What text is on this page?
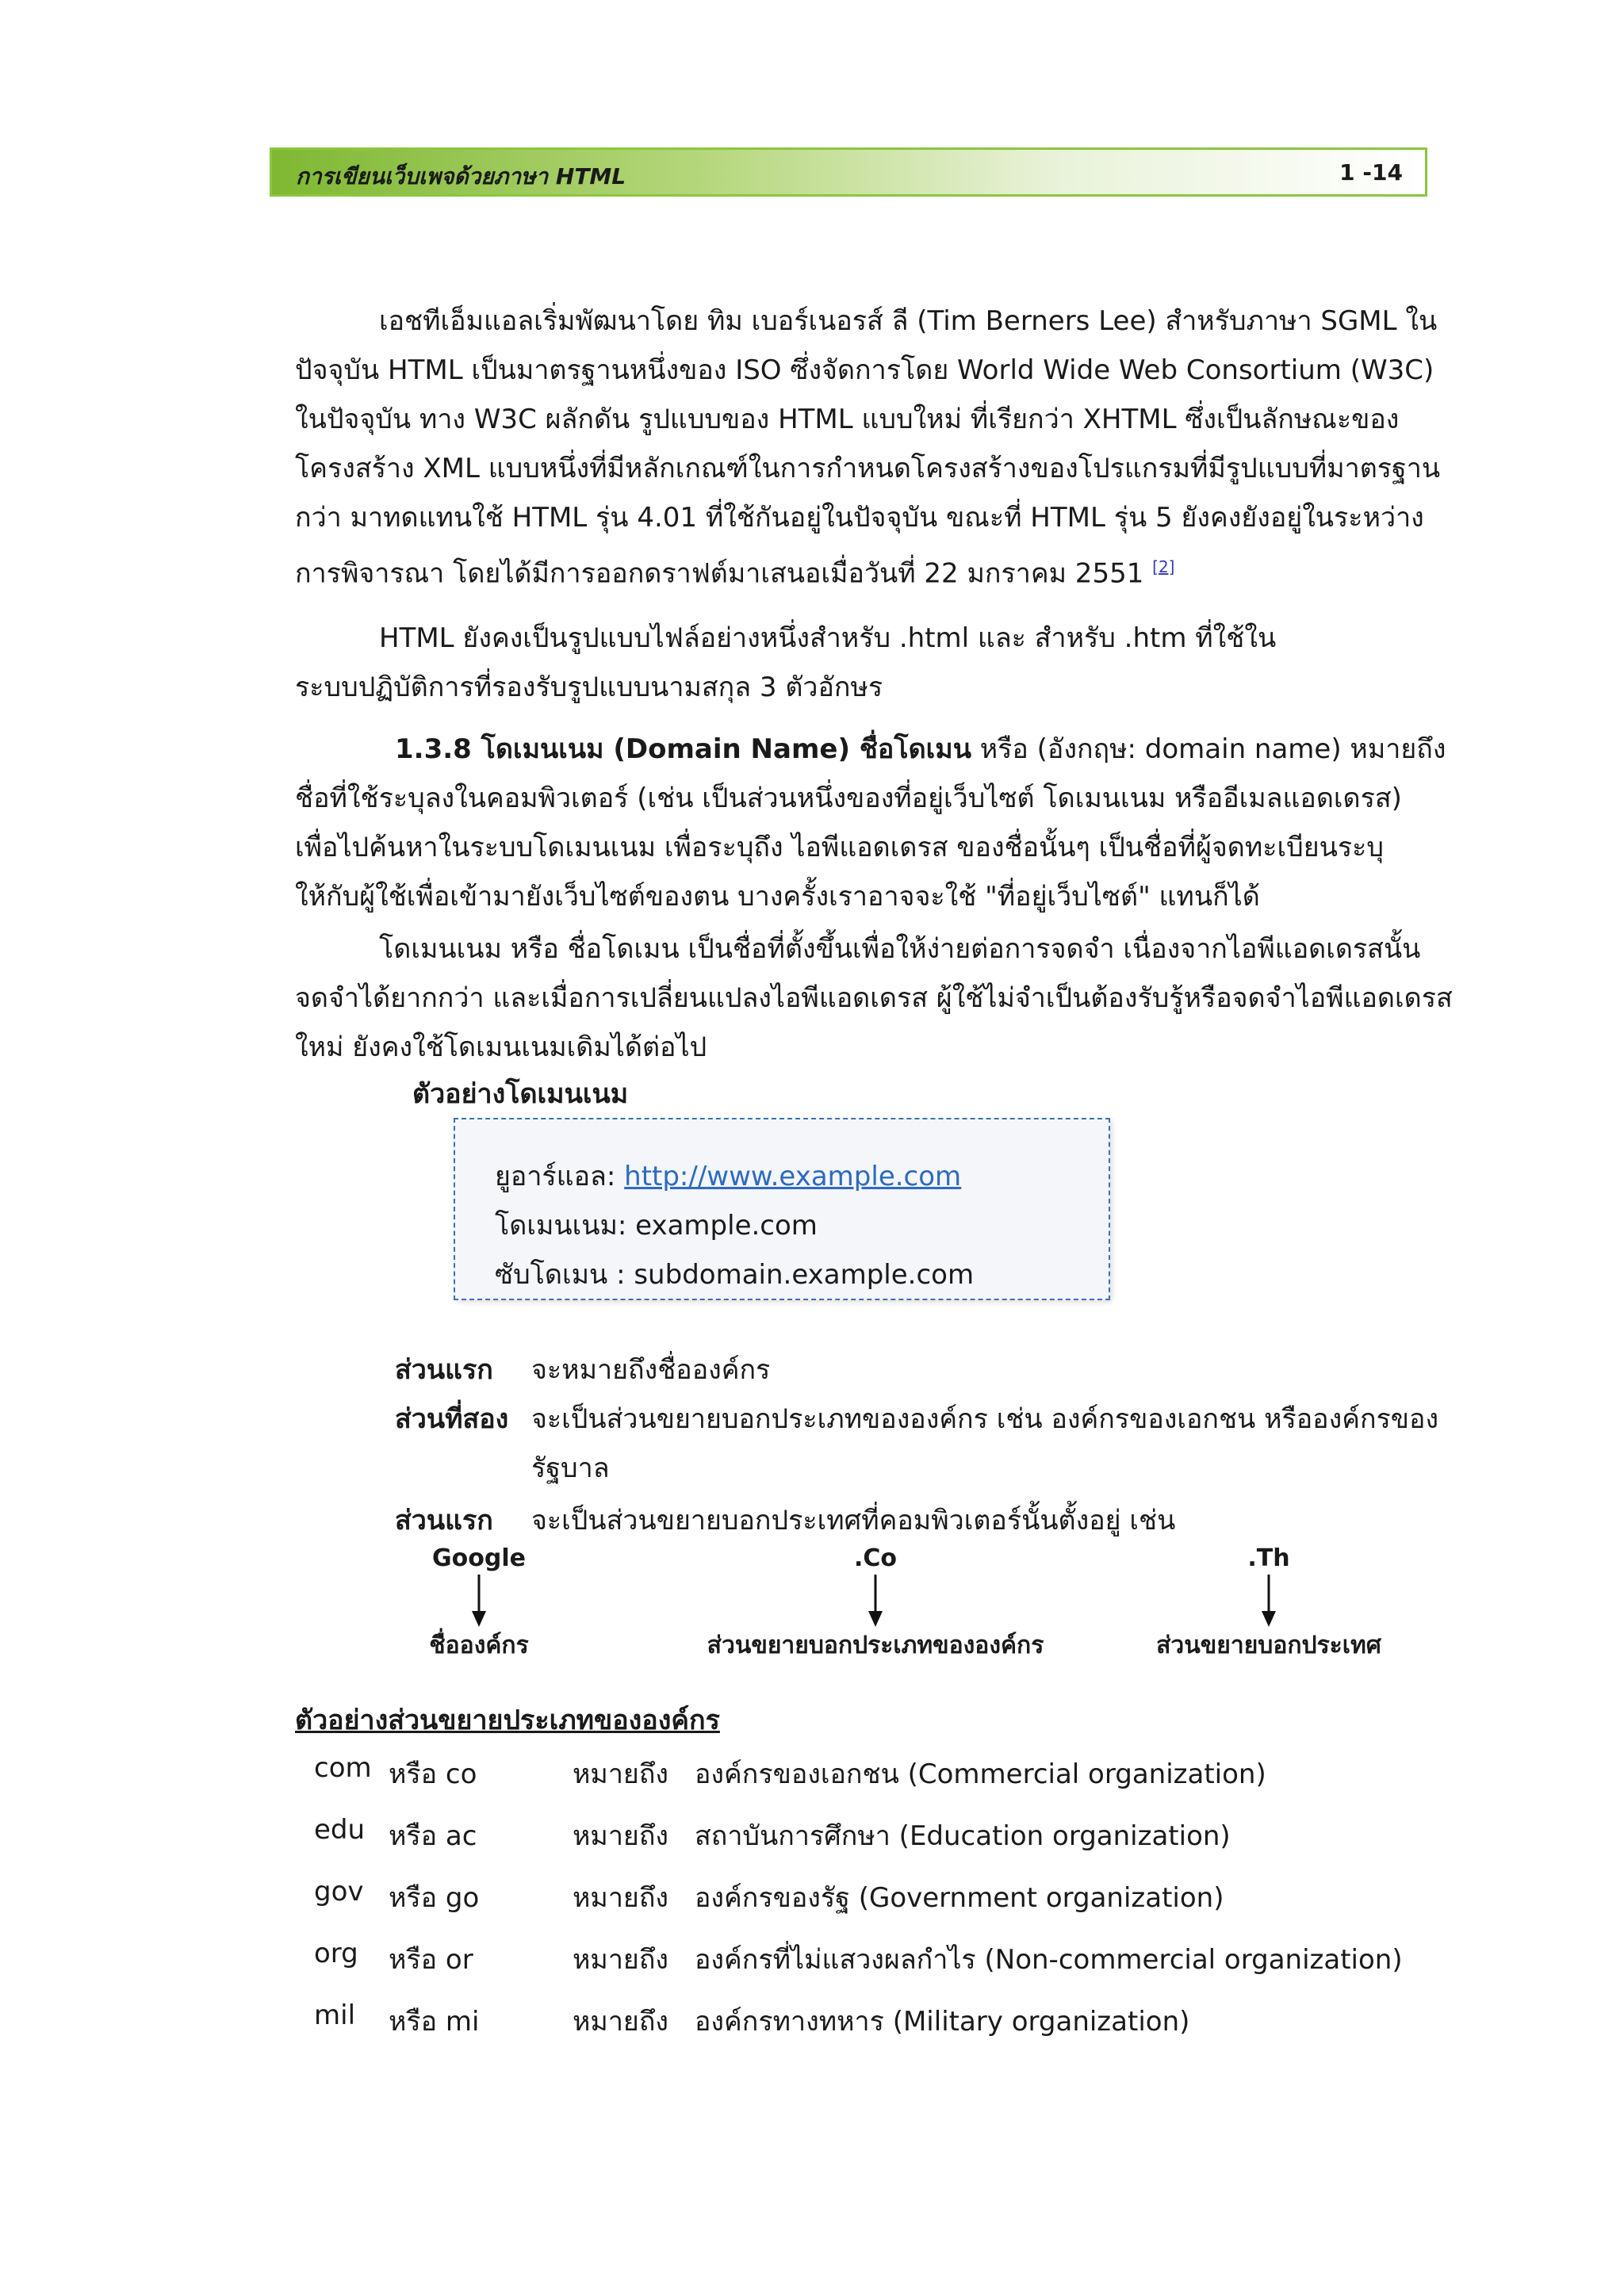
การเขียนเว็บเพจด้วยภาษา HTML	1 -14
เอชทีเอ็มแอลเริ่มพัฒนาโดย ทิม เบอร์เนอรส์ ลี (Tim Berners Lee) สำหรับภาษา SGML ใน
ปัจจุบัน HTML เป็นมาตรฐานหนึ่งของ ISO ซึ่งจัดการโดย World Wide Web Consortium (W3C)
ในปัจจุบัน ทาง W3C ผลักดัน รูปแบบของ HTML แบบใหม่ ที่เรียกว่า XHTML ซึ่งเป็นลักษณะของ
โครงสร้าง XML แบบหนึ่งที่มีหลักเกณฑ์ในการกำหนดโครงสร้างของโปรแกรมที่มีรูปแบบที่มาตรฐาน
กว่า มาทดแทนใช้ HTML รุ่น 4.01 ที่ใช้กันอยู่ในปัจจุบัน ขณะที่ HTML รุ่น 5 ยังคงยังอยู่ในระหว่าง
การพิจารณา โดยได้มีการออกดราฟต์มาเสนอเมื่อวันที่ 22 มกราคม 2551 [2]
HTML ยังคงเป็นรูปแบบไฟล์อย่างหนึ่งสำหรับ .html และ สำหรับ .htm ที่ใช้ใน
ระบบปฏิบัติการที่รองรับรูปแบบนามสกุล 3 ตัวอักษร
1.3.8 โดเมนเนม (Domain Name) ชื่อโดเมน หรือ (อังกฤษ: domain name) หมายถึง
ชื่อที่ใช้ระบุลงในคอมพิวเตอร์ (เช่น เป็นส่วนหนึ่งของที่อยู่เว็บไซต์ โดเมนเนม หรืออีเมลแอดเดรส)
เพื่อไปค้นหาในระบบโดเมนเนม เพื่อระบุถึง ไอพีแอดเดรส ของชื่อนั้นๆ เป็นชื่อที่ผู้จดทะเบียนระบุ
ให้กับผู้ใช้เพื่อเข้ามายังเว็บไซต์ของตน บางครั้งเราอาจจะใช้ "ที่อยู่เว็บไซต์" แทนก็ได้
โดเมนเนม หรือ ชื่อโดเมน เป็นชื่อที่ตั้งขึ้นเพื่อให้ง่ายต่อการจดจำ เนื่องจากไอพีแอดเดรสนั้น
จดจำได้ยากกว่า และเมื่อการเปลี่ยนแปลงไอพีแอดเดรส ผู้ใช้ไม่จำเป็นต้องรับรู้หรือจดจำไอพีแอดเดรส
ใหม่ ยังคงใช้โดเมนเนมเดิมได้ต่อไป
ตัวอย่างโดเมนเนม
ยูอาร์แอล: http://www.example.com
โดเมนเนม: example.com
ซับโดเมน : subdomain.example.com
ส่วนแรก จะหมายถึงชื่อองค์กร
ส่วนที่สอง จะเป็นส่วนขยายบอกประเภทขององค์กร เช่น องค์กรของเอกชน หรือองค์กรของ
รัฐบาล
ส่วนแรก จะเป็นส่วนขยายบอกประเทศที่คอมพิวเตอร์นั้นตั้งอยู่ เช่น
Google
ชื่อองค์กร
.Co
ส่วนขยายบอกประเภทขององค์กร
.Th
ส่วนขยายบอกประเทศ
ตัวอย่างส่วนขยายประเภทขององค์กร
com หรือ co	หมายถึง องค์กรของเอกชน (Commercial organization)
edu หรือ ac	หมายถึง สถาบันการศึกษา (Education organization)
gov หรือ go	หมายถึง องค์กรของรัฐ (Government organization)
org หรือ or	หมายถึง องค์กรที่ไม่แสวงผลกำไร (Non-commercial organization)
mil หรือ mi	หมายถึง องค์กรทางทหาร (Military organization)
